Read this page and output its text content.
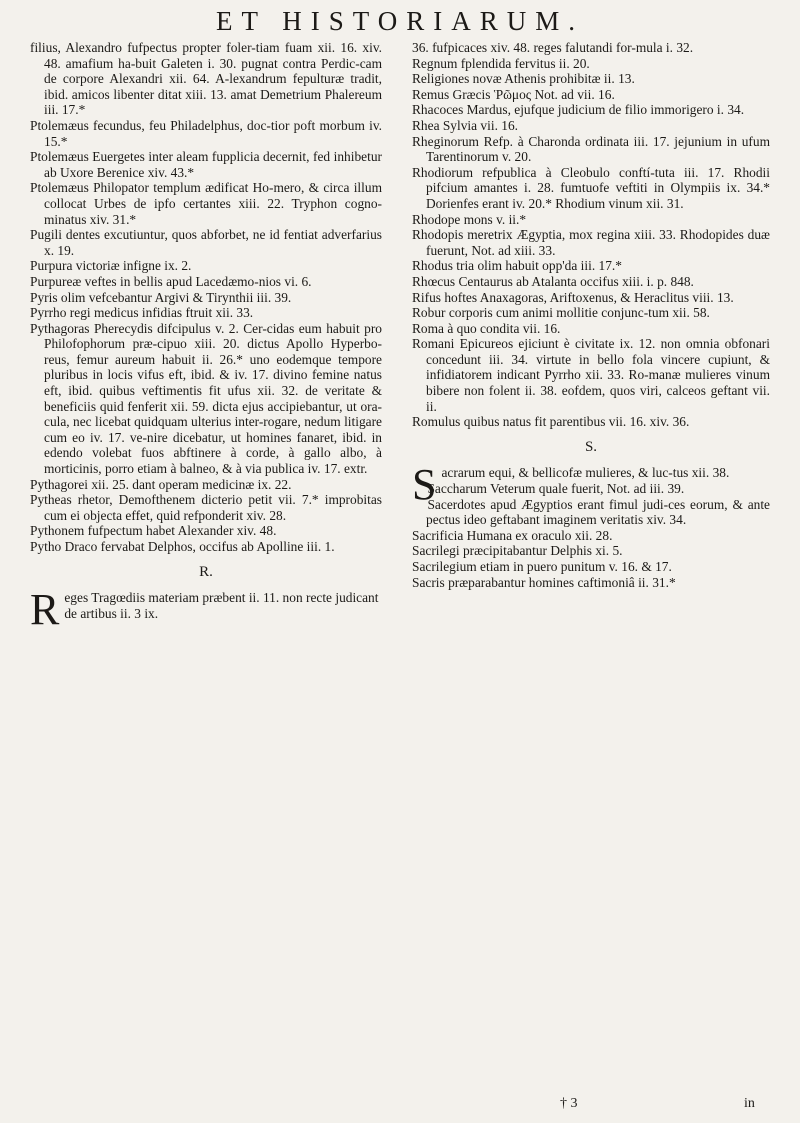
ET HISTORIARUM.

filius, Alexandro fufpectus propter foler-tiam fuam xii. 16. xiv. 48. amafium ha-buit Galeten i. 30. pugnat contra Perdic-cam de corpore Alexandri xii. 64. A-lexandrum fepulturæ tradit, ibid. amicos libenter ditat xiii. 13. amat Demetrium Phalereum iii. 17.*

Ptolemæus fecundus, feu Philadelphus, doc-tior poft morbum iv. 15.*

Ptolemæus Euergetes inter aleam fupplicia decernit, fed inhibetur ab Uxore Berenice xiv. 43.*

Ptolemæus Philopator templum ædificat Ho-mero, & circa illum collocat Urbes de ipfo certantes xiii. 22. Tryphon cogno-minatus xiv. 31.*

Pugili dentes excutiuntur, quos abforbet, ne id fentiat adverfarius x. 19.

Purpura victoriæ infigne ix. 2.

Purpureæ veftes in bellis apud Lacedæmo-nios vi. 6.

Pyris olim vefcebantur Argivi & Tirynthii iii. 39.

Pyrrho regi medicus infidias ftruit xii. 33.

Pythagoras Pherecydis difcipulus v. 2. Cer-cidas eum habuit pro Philofophorum præ-cipuo xiii. 20. dictus Apollo Hyperbo-reus, femur aureum habuit ii. 26.* uno eodemque tempore pluribus in locis vifus eft, ibid. & iv. 17. divino femine natus eft, ibid. quibus veftimentis fit ufus xii. 32. de veritate & beneficiis quid fenferit xii. 59. dicta ejus accipiebantur, ut ora-cula, nec licebat quidquam ulterius inter-rogare, nedum litigare cum eo iv. 17. ve-nire dicebatur, ut homines fanaret, ibid. in edendo volebat fuos abftinere à corde, à gallo albo, à morticinis, porro etiam à balneo, & à via publica iv. 17. extr.

Pythagorei xii. 25. dant operam medicinæ ix. 22.

Pytheas rhetor, Demofthenem dicterio petit vii. 7.* improbitas cum ei objecta effet, quid refponderit xiv. 28.

Pythonem fufpectum habet Alexander xiv. 48.

Pytho Draco fervabat Delphos, occifus ab Apolline iii. 1.

R.
R eges Tragœdiis materiam præbent ii. 11. non recte judicant de artibus ii. 3 ix.

36. fufpicaces xiv. 48. reges falutandi for-mula i. 32.

Regnum fplendida fervitus ii. 20.

Religiones novæ Athenis prohibitæ ii. 13.

Remus Græcis Ῥῶμος Not. ad vii. 16.

Rhacoces Mardus, ejufque judicium de filio immorigero i. 34.

Rhea Sylvia vii. 16.

Rheginorum Refp. à Charonda ordinata iii. 17. jejunium in ufum Tarentinorum v. 20.

Rhodiorum refpublica à Cleobulo conftí-tuta iii. 17. Rhodii pifcium amantes i. 28. fumtuofe veftiti in Olympiis ix. 34.* Dorienfes erant iv. 20.* Rhodium vinum xii. 31.

Rhodope mons v. ii.*

Rhodopis meretrix Ægyptia, mox regina xiii. 33. Rhodopides duæ fuerunt, Not. ad xiii. 33.

Rhodus tria olim habuit opp'da iii. 17.*

Rhœcus Centaurus ab Atalanta occifus xiii. i. p. 848.

Rifus hoftes Anaxagoras, Ariftoxenus, & Heraclitus viii. 13.

Robur corporis cum animi mollitie conjunc-tum xii. 58.

Roma à quo condita vii. 16.

Romani Epicureos ejiciunt è civitate ix. 12. non omnia obfonari concedunt iii. 34. virtute in bello fola vincere cupiunt, & infidiatorem indicant Pyrrho xii. 33. Ro-manæ mulieres vinum bibere non folent ii. 38. eofdem, quos viri, calceos geftant vii. ii.

Romulus quibus natus fit parentibus vii. 16. xiv. 36.

S.
S acrarum equi, & bellicofæ mulieres, & luc-tus xii. 38.

Saccharum Veterum quale fuerit, Not. ad iii. 39.

Sacerdotes apud Ægyptios erant fimul judi-ces eorum, & ante pectus ideo geftabant imaginem veritatis xiv. 34.

Sacrificia Humana ex oraculo xii. 28.

Sacrilegi præcipitabantur Delphis xi. 5.

Sacrilegium etiam in puero punitum v. 16. & 17.

Sacris præparabantur homines caftimoniâ ii. 31.*

† 3	in
